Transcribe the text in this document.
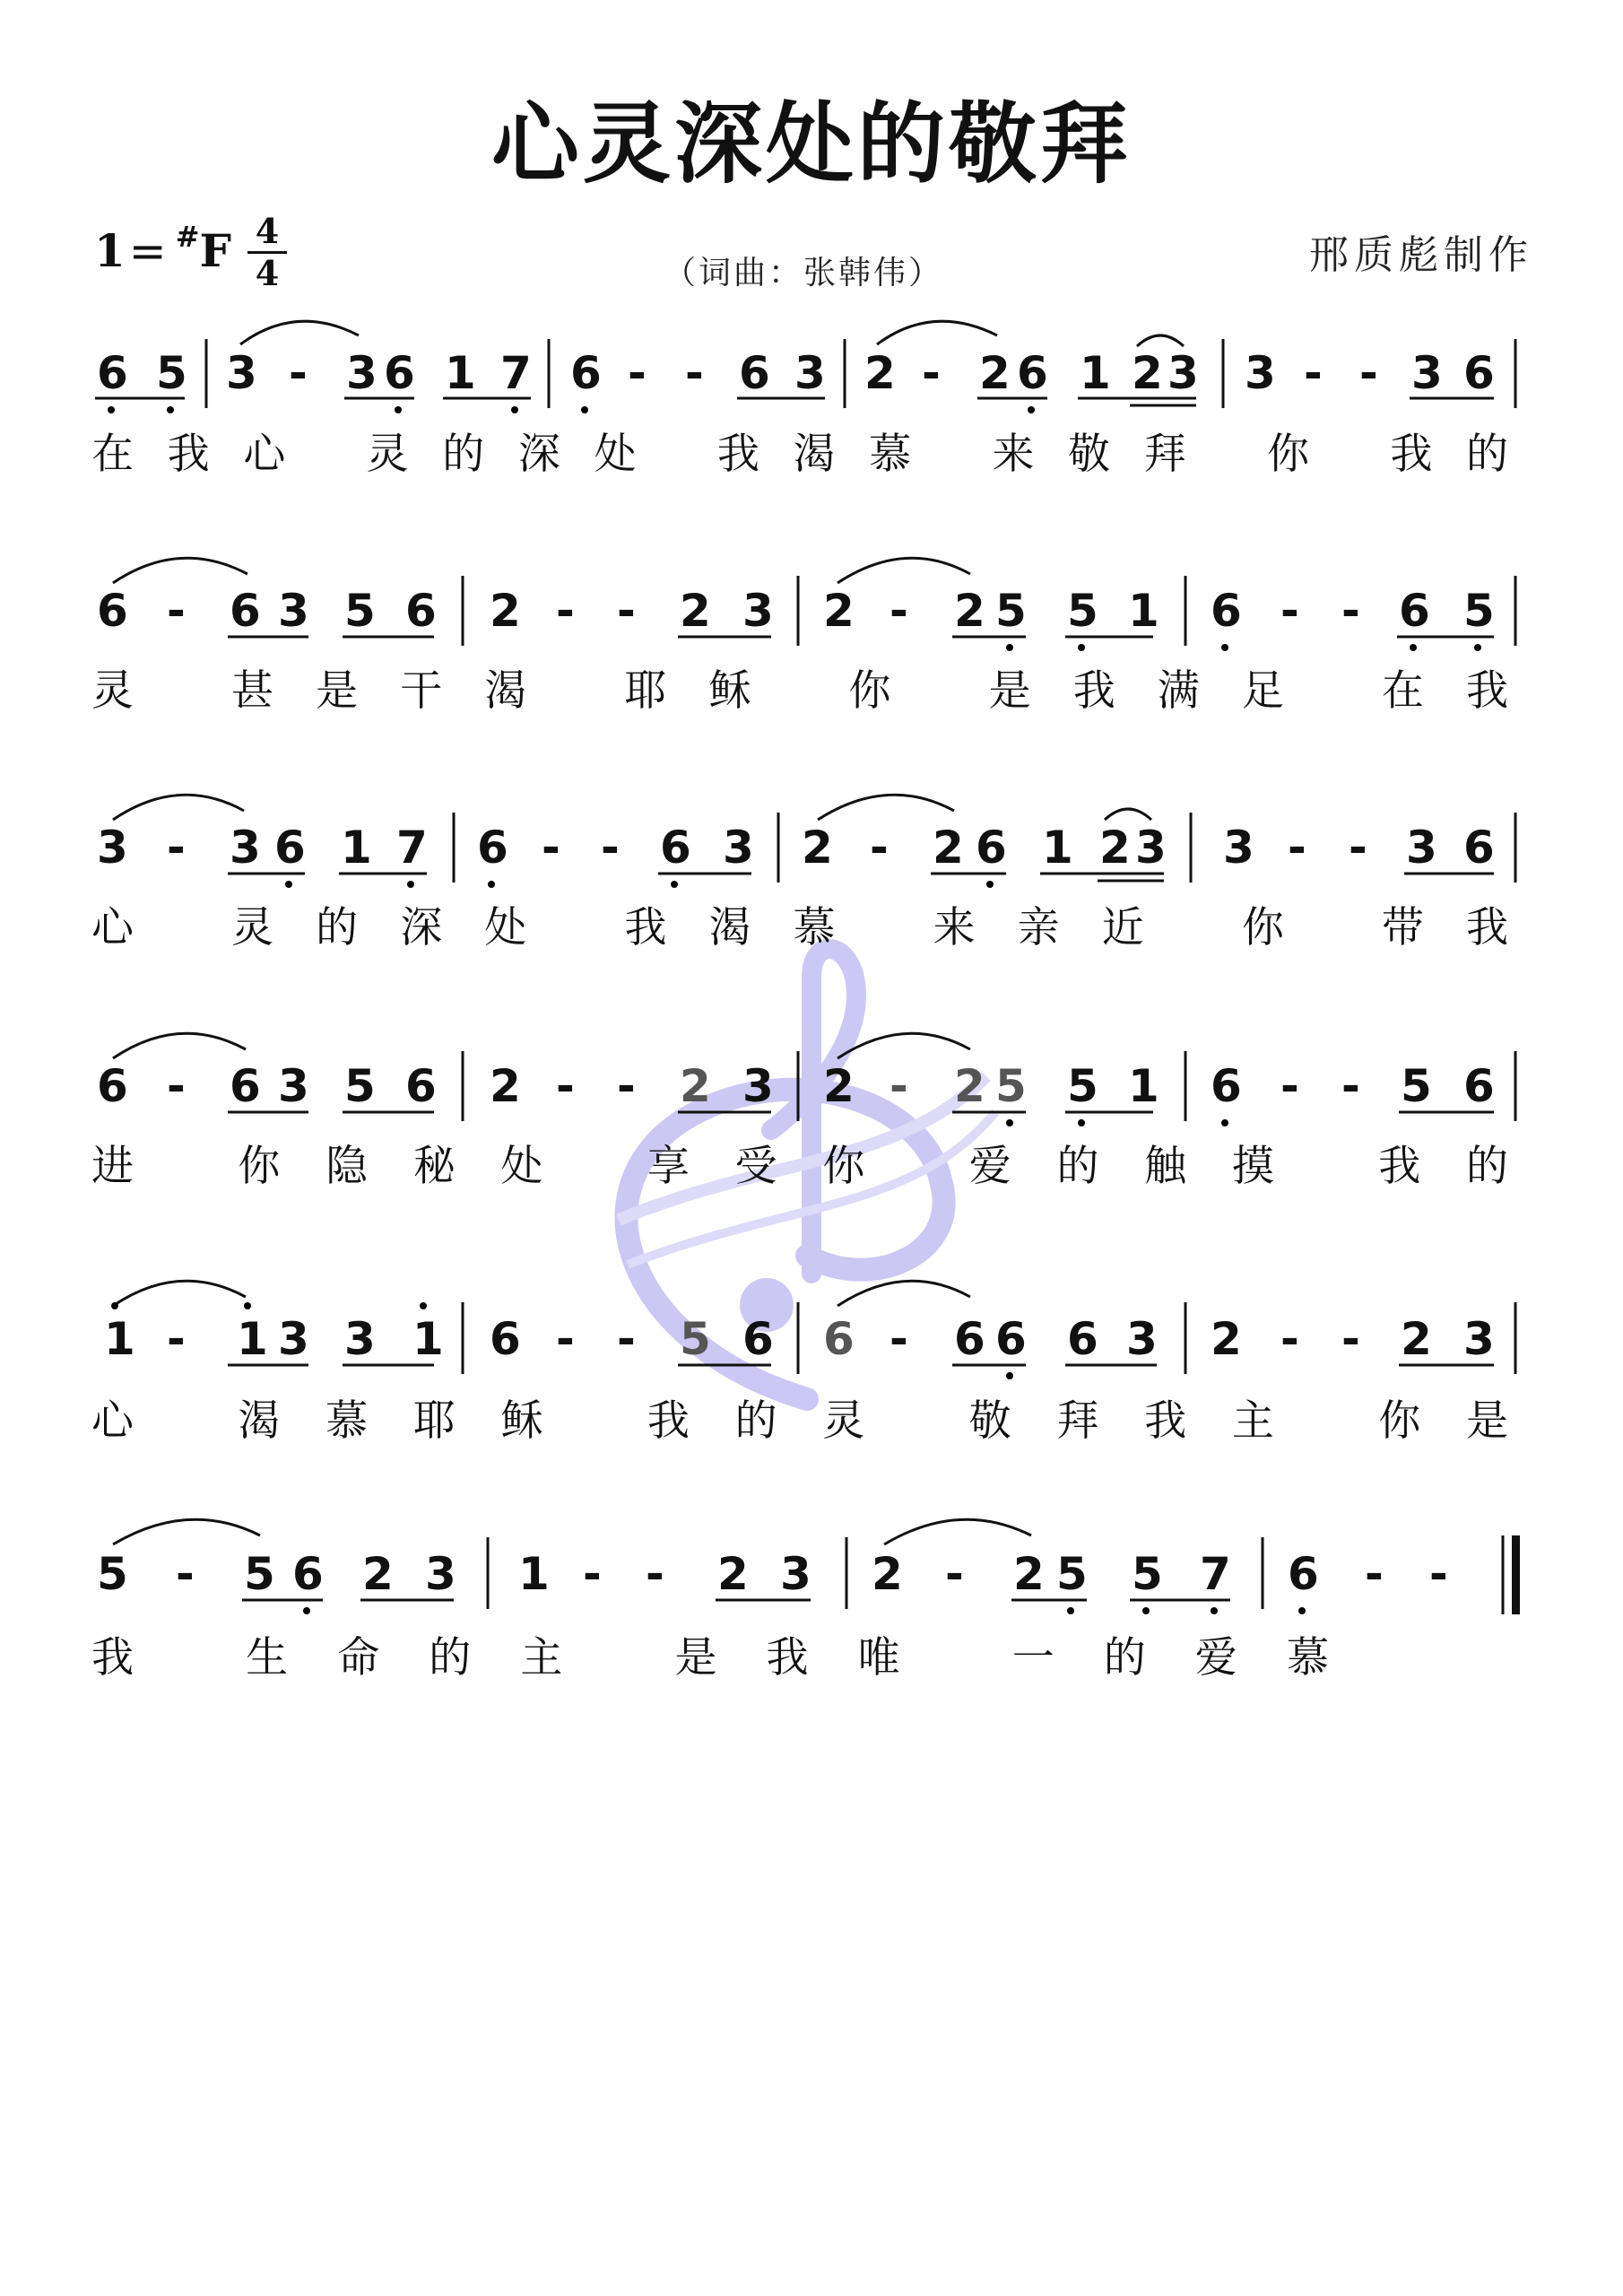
心灵深处的敬拜
1= #F 4
4	（词曲：张韩伟）	邢质彪制作
6 5 3 - 3 6 1 7 6 - - 6 3 2 - 2 6 1 2 3 3 - - 3 6
在我心 灵的深处 我渴慕 来敬拜 你 我的
6 - 6 3 5 6 2 - - 2 3 2 - 2 5 5 1 6 - - 6 5
灵 甚是干渴 耶稣 你 是我满足 在我
3 - 3 6 1 7 6 - - 6 3 2 - 2 6 1 2 3 3 - - 3 6
心 灵的深处 我渴慕 来亲近 你 带我
6 - 6 3 5 6 2 - - 2 3 2 - 2 5 5 1 6 - - 5 6
进 你隐秘处 享受你 爱的触摸 我的
1 - 1 3 3 1 6 - - 5 6 6 - 6 6 6 3 2 - - 2 3
心 渴慕耶稣 我的灵 敬拜我主 你是
5 - 5 6 2 3 1 - - 2 3 2 - 2 5 5 7 6 - -
我 生命的主 是我唯 一的爱慕
